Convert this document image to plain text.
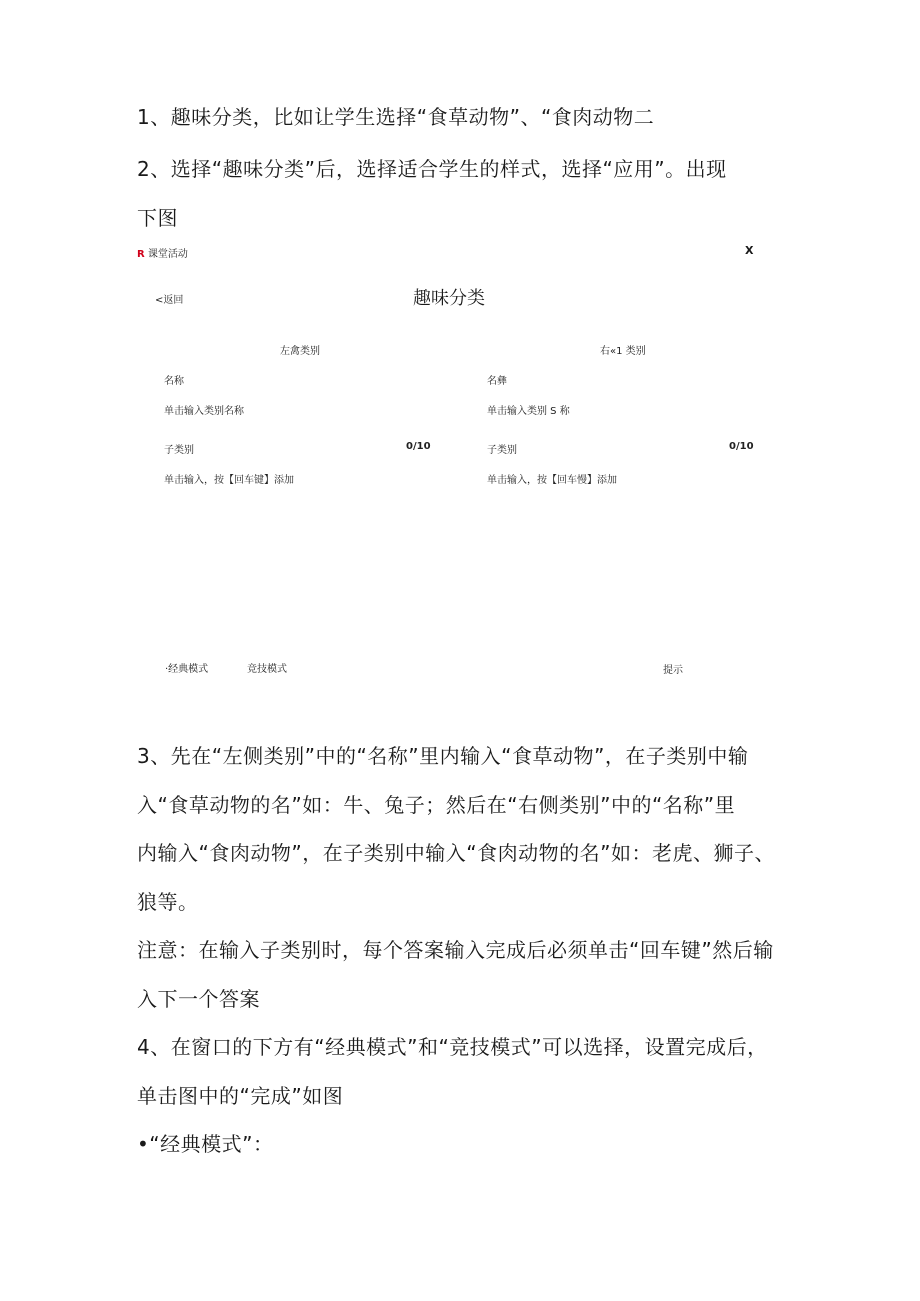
1、趣味分类，比如让学生选择“食草动物”、“食肉动物二
2、选择“趣味分类”后，选择适合学生的样式，选择“应用”。出现
下图
R 课堂活动	X
<返回	趣味分类
左禽类别
名称
单击输入类别名称
子类别	0/10
单击输入，按【回车键】添加
右«1 类别
名彝
单击输入类别 S 称
子类别	0/10
单击输入，按【回车慢】添加
·经典模式	竞技模式	提示
3、先在“左侧类别”中的“名称”里内输入“食草动物”，在子类别中输
入“食草动物的名”如：牛、兔子；然后在“右侧类别”中的“名称”里
内输入“食肉动物”，在子类别中输入“食肉动物的名”如：老虎、狮子、
狼等。
注意：在输入子类别时，每个答案输入完成后必须单击“回车键”然后输
入下一个答案
4、在窗口的下方有“经典模式”和“竞技模式”可以选择，设置完成后，
单击图中的“完成”如图
•“经典模式”：
